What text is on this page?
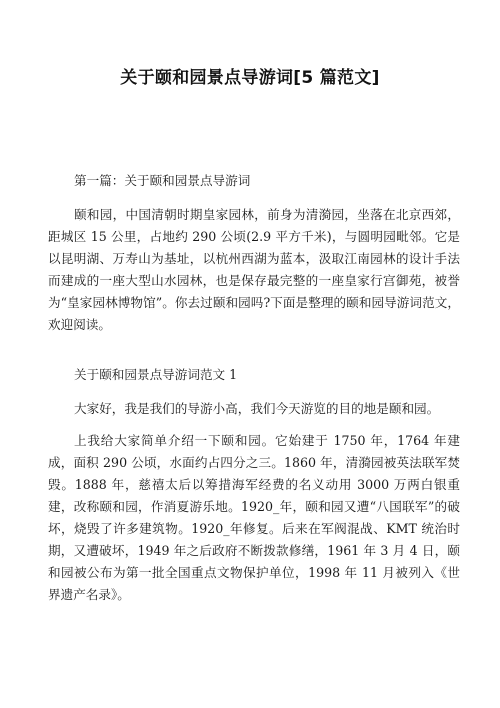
关于颐和园景点导游词[5 篇范文]

第一篇：关于颐和园景点导游词

颐和园，中国清朝时期皇家园林，前身为清漪园，坐落在北京西郊，距城区 15 公里，占地约 290 公顷(2.9 平方千米)，与圆明园毗邻。它是以昆明湖、万寿山为基址，以杭州西湖为蓝本，汲取江南园林的设计手法而建成的一座大型山水园林，也是保存最完整的一座皇家行宫御苑，被誉为“皇家园林博物馆”。你去过颐和园吗?下面是整理的颐和园导游词范文，欢迎阅读。

关于颐和园景点导游词范文 1

大家好，我是我们的导游小高，我们今天游览的目的地是颐和园。

上我给大家简单介绍一下颐和园。它始建于 1750 年，1764 年建成，面积 290 公顷，水面约占四分之三。1860 年，清漪园被英法联军焚毁。1888 年，慈禧太后以筹措海军经费的名义动用 3000 万两白银重建，改称颐和园，作消夏游乐地。1920_年，颐和园又遭“八国联军”的破坏，烧毁了许多建筑物。1920_年修复。后来在军阀混战、KMT 统治时期，又遭破坏，1949 年之后政府不断拨款修缮，1961 年 3 月 4 日，颐和园被公布为第一批全国重点文物保护单位，1998 年 11 月被列入《世界遗产名录》。
